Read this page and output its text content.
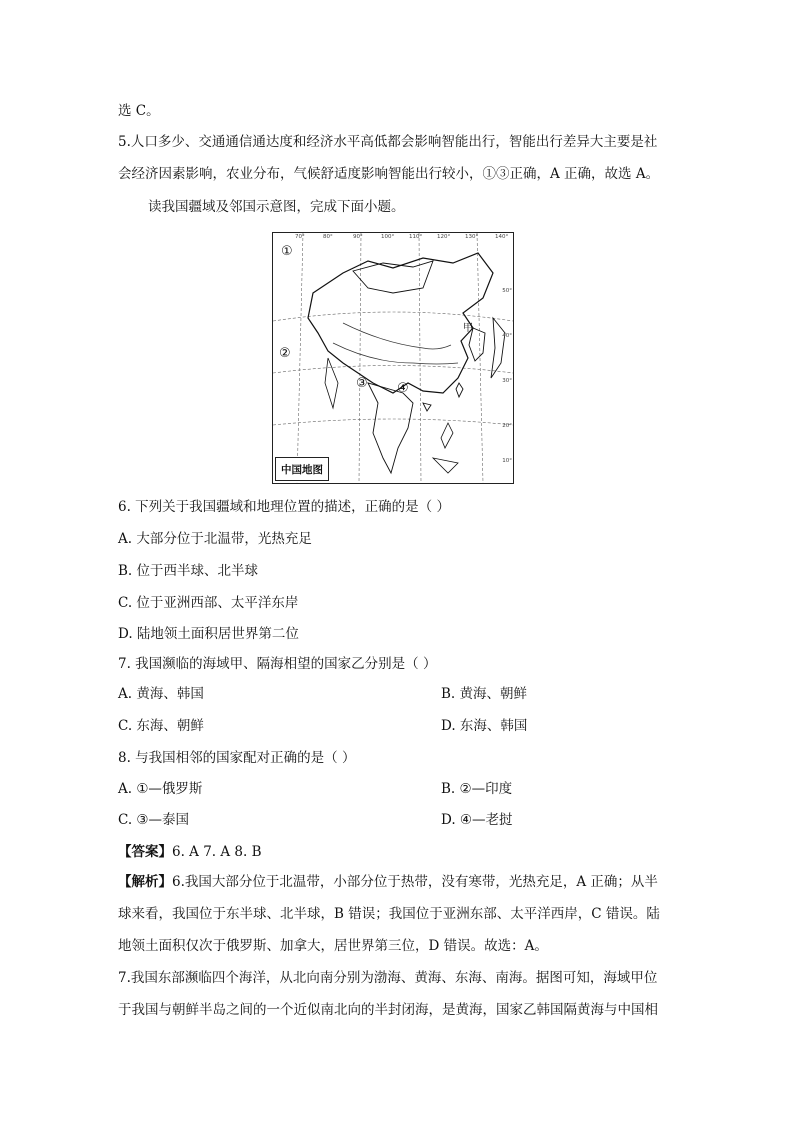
选 C。
5.人口多少、交通通信通达度和经济水平高低都会影响智能出行，智能出行差异大主要是社
会经济因素影响，农业分布，气候舒适度影响智能出行较小，①③正确，A 正确，故选 A。
读我国疆域及邻国示意图，完成下面小题。
70°	80°	90°	100°	110°	120°	130°	140°
50°
40°
30°
20°
10°
①
②
③ ④
甲
中国地图
6. 下列关于我国疆域和地理位置的描述，正确的是（ ）
A. 大部分位于北温带，光热充足
B. 位于西半球、北半球
C. 位于亚洲西部、太平洋东岸
D. 陆地领土面积居世界第二位
7. 我国濒临的海域甲、隔海相望的国家乙分别是（ ）
A. 黄海、韩国	B. 黄海、朝鲜
C. 东海、朝鲜	D. 东海、韩国
8. 与我国相邻的国家配对正确的是（ ）
A. ①—俄罗斯	B. ②—印度
C. ③—泰国	D. ④—老挝
【答案】6. A 7. A 8. B
【解析】6.我国大部分位于北温带，小部分位于热带，没有寒带，光热充足，A 正确；从半
球来看，我国位于东半球、北半球，B 错误；我国位于亚洲东部、太平洋西岸，C 错误。陆
地领土面积仅次于俄罗斯、加拿大，居世界第三位，D 错误。故选：A。
7.我国东部濒临四个海洋，从北向南分别为渤海、黄海、东海、南海。据图可知，海域甲位
于我国与朝鲜半岛之间的一个近似南北向的半封闭海，是黄海，国家乙韩国隔黄海与中国相
